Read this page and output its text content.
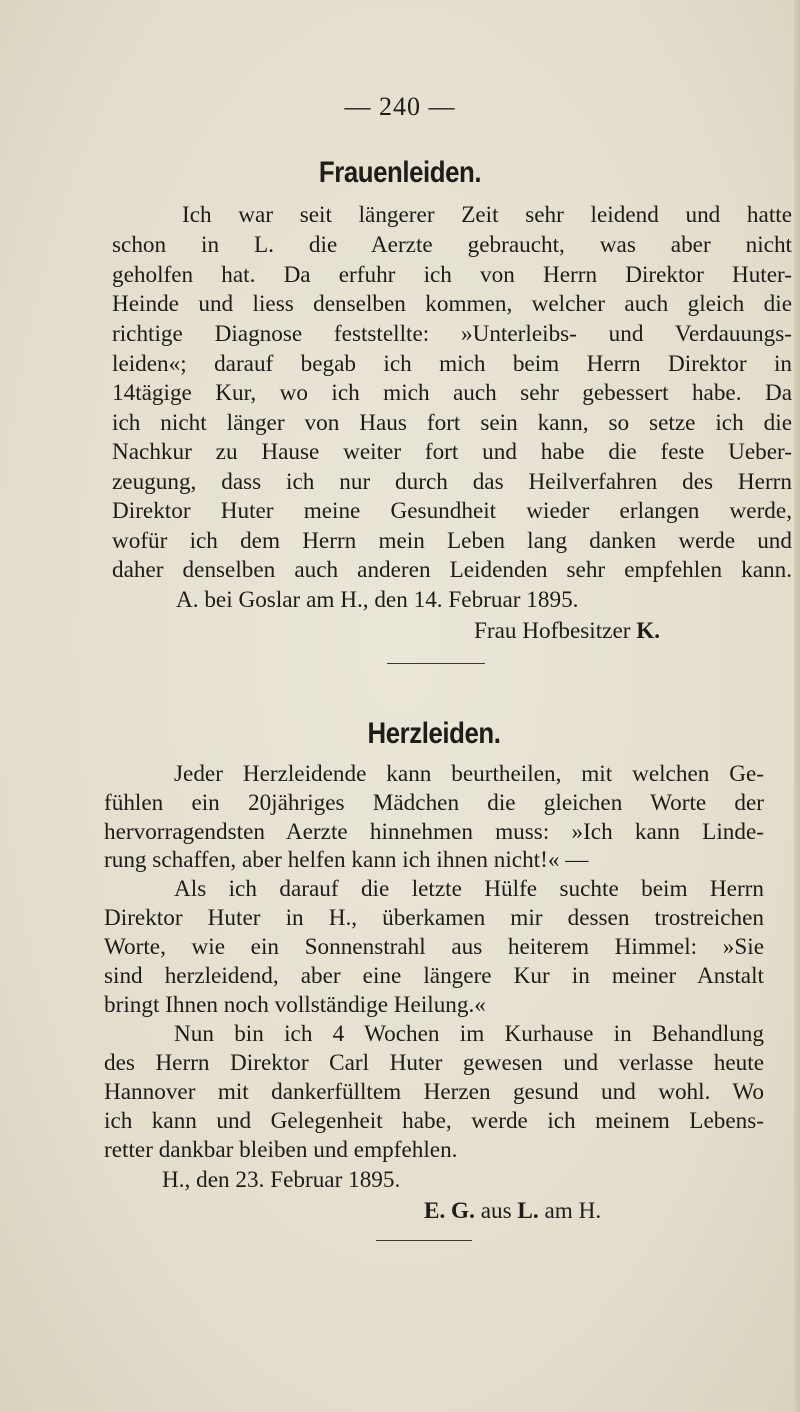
— 240 —
Frauenleiden.
Ich war seit längerer Zeit sehr leidend und hatte
schon in L. die Aerzte gebraucht, was aber nicht
geholfen hat. Da erfuhr ich von Herrn Direktor Huter-
Heinde und liess denselben kommen, welcher auch gleich die
richtige Diagnose feststellte: »Unterleibs- und Verdauungs-
leiden«; darauf begab ich mich beim Herrn Direktor in
14tägige Kur, wo ich mich auch sehr gebessert habe. Da
ich nicht länger von Haus fort sein kann, so setze ich die
Nachkur zu Hause weiter fort und habe die feste Ueber-
zeugung, dass ich nur durch das Heilverfahren des Herrn
Direktor Huter meine Gesundheit wieder erlangen werde,
wofür ich dem Herrn mein Leben lang danken werde und
daher denselben auch anderen Leidenden sehr empfehlen kann.
A. bei Goslar am H., den 14. Februar 1895.
Frau Hofbesitzer K.
Herzleiden.
Jeder Herzleidende kann beurtheilen, mit welchen Ge-
fühlen ein 20jähriges Mädchen die gleichen Worte der
hervorragendsten Aerzte hinnehmen muss: »Ich kann Linde-
rung schaffen, aber helfen kann ich ihnen nicht!« —
Als ich darauf die letzte Hülfe suchte beim Herrn
Direktor Huter in H., überkamen mir dessen trostreichen
Worte, wie ein Sonnenstrahl aus heiterem Himmel: »Sie
sind herzleidend, aber eine längere Kur in meiner Anstalt
bringt Ihnen noch vollständige Heilung.«
Nun bin ich 4 Wochen im Kurhause in Behandlung
des Herrn Direktor Carl Huter gewesen und verlasse heute
Hannover mit dankerfülltem Herzen gesund und wohl. Wo
ich kann und Gelegenheit habe, werde ich meinem Lebens-
retter dankbar bleiben und empfehlen.
H., den 23. Februar 1895.
E. G. aus L. am H.
